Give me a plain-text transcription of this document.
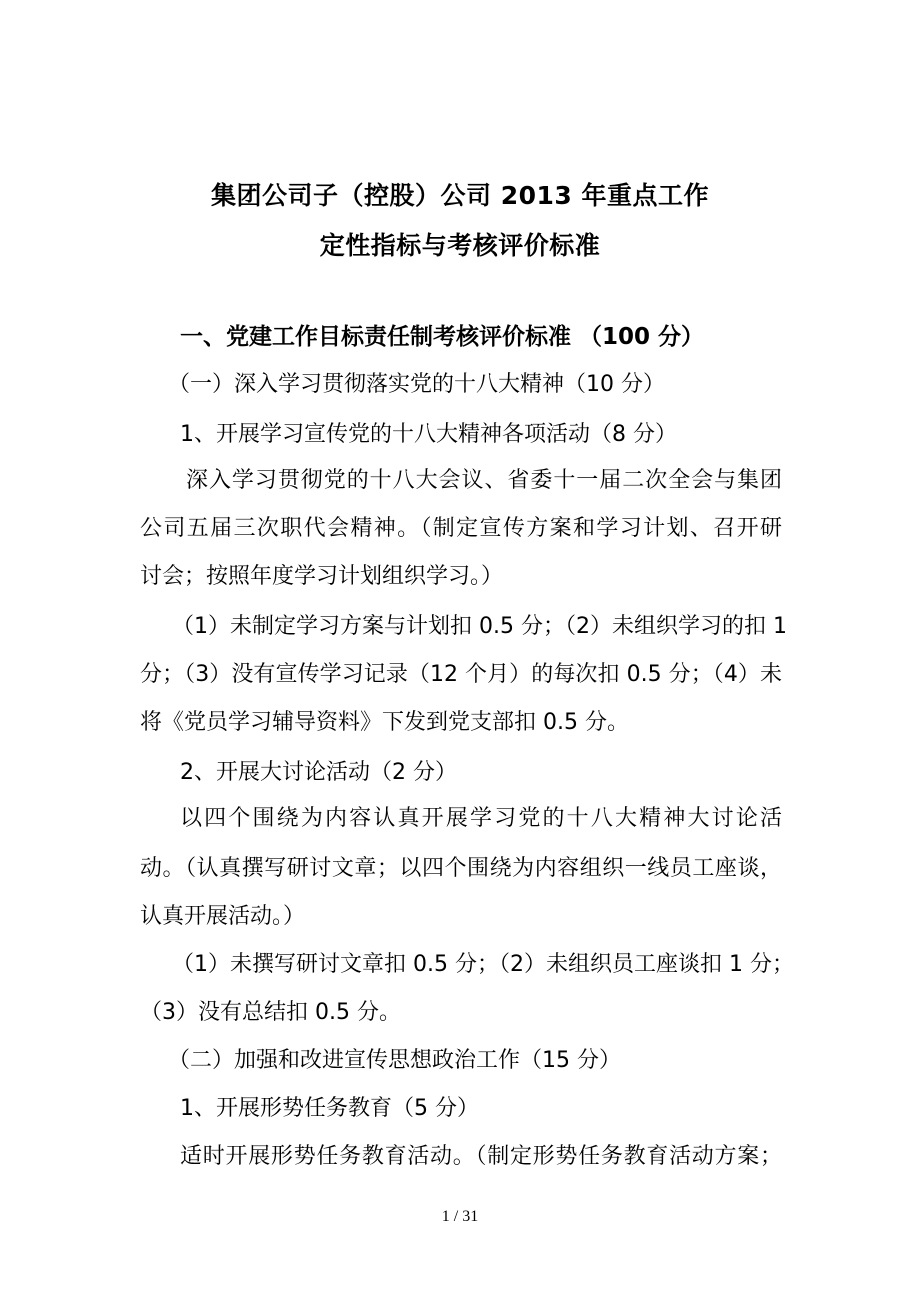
集团公司子（控股）公司 2013 年重点工作
定性指标与考核评价标准
一、党建工作目标责任制考核评价标准 （100 分）
（一）深入学习贯彻落实党的十八大精神（10 分）
1、开展学习宣传党的十八大精神各项活动（8 分）
深入学习贯彻党的十八大会议、省委十一届二次全会与集团
公司五届三次职代会精神。（制定宣传方案和学习计划、召开研
讨会；按照年度学习计划组织学习。）
（1）未制定学习方案与计划扣 0.5 分；（2）未组织学习的扣 1
分；（3）没有宣传学习记录（12 个月）的每次扣 0.5 分；（4）未
将《党员学习辅导资料》下发到党支部扣 0.5 分。
2、开展大讨论活动（2 分）
以四个围绕为内容认真开展学习党的十八大精神大讨论活
动。（认真撰写研讨文章；以四个围绕为内容组织一线员工座谈，
认真开展活动。）
（1）未撰写研讨文章扣 0.5 分；（2）未组织员工座谈扣 1 分；
（3）没有总结扣 0.5 分。
（二）加强和改进宣传思想政治工作（15 分）
1、开展形势任务教育（5 分）
适时开展形势任务教育活动。（制定形势任务教育活动方案；
1 / 31
